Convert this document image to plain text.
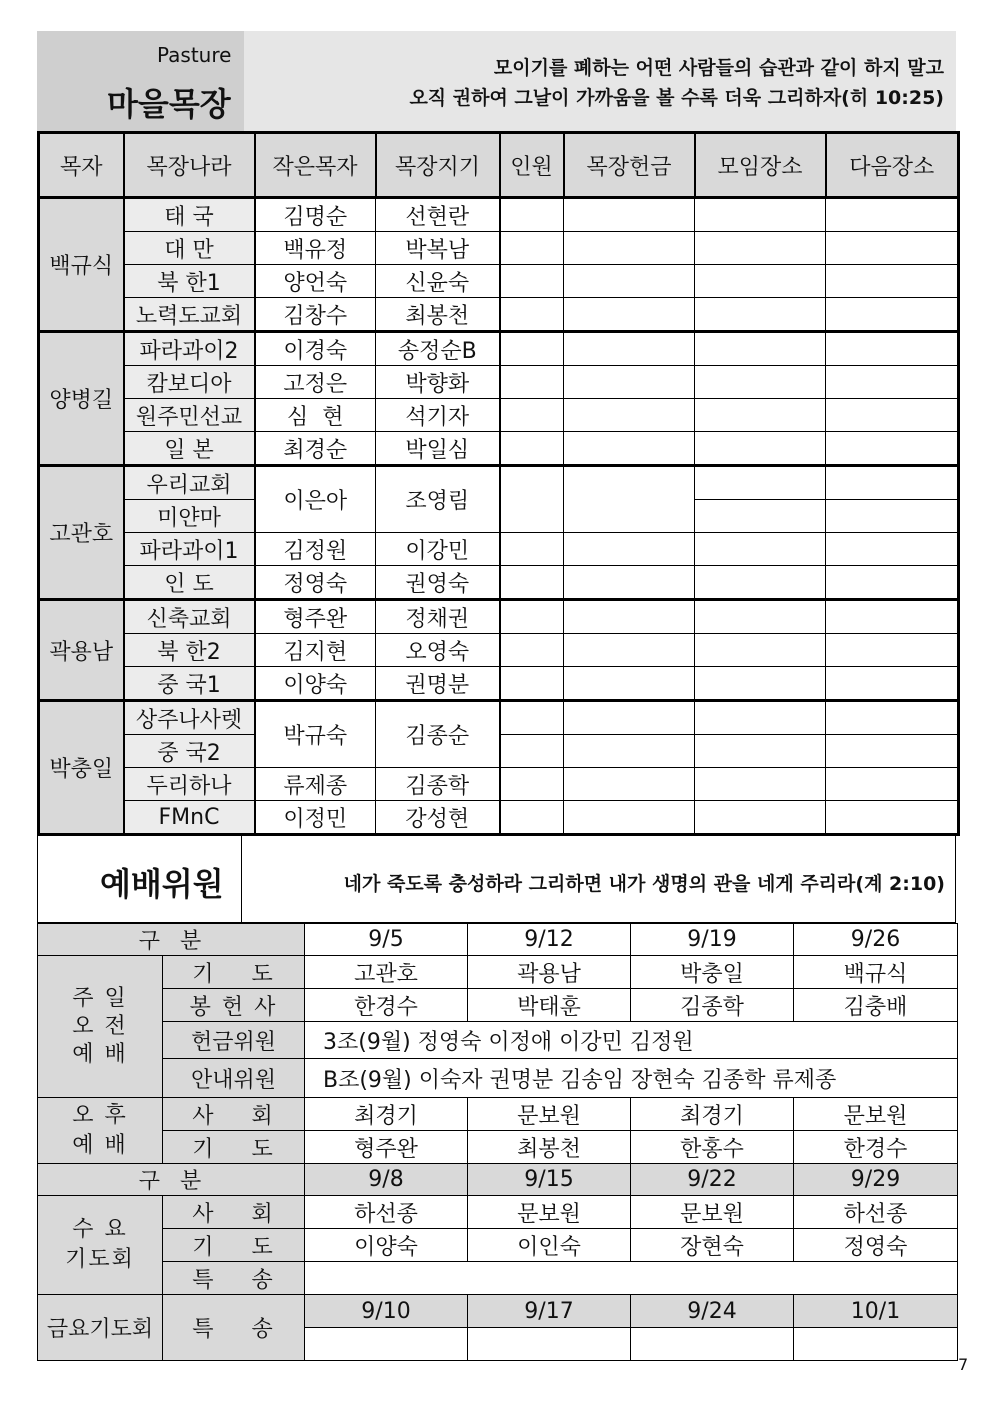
Pasture
마을목장
모이기를 폐하는 어떤 사람들의 습관과 같이 하지 말고
오직 권하여 그날이 가까움을 볼 수록 더욱 그리하자(히 10:25)
목자	목장나라	작은목자	목장지기	인원	목장헌금	모임장소	다음장소
백규식	태 국	김명순	선현란				
	대 만	백유정	박복남				
	북 한1	양언숙	신윤숙				
	노력도교회	김창수	최봉천				
양병길	파라과이2	이경숙	송정순B				
	캄보디아	고정은	박향화				
	원주민선교	심  현	석기자				
	일 본	최경순	박일심				
고관호	우리교회	이은아	조영림				
	미얀마						
	파라과이1	김정원	이강민				
	인 도	정영숙	권영숙				
곽용남	신축교회	형주완	정채권				
	북 한2	김지현	오영숙				
	중 국1	이양숙	권명분				
박충일	상주나사렛	박규숙	김종순				
	중 국2						
	두리하나	류제종	김종학				
	FMnC	이정민	강성현				
예배위원	네가 죽도록 충성하라 그리하면 내가 생명의 관을 네게 주리라(계 2:10)
구  분		9/5	9/12	9/19	9/26
주 일
오 전
예 배	기    도	고관호	곽용남	박충일	백규식
	봉 헌 사	한경수	박태훈	김종학	김충배
	헌금위원	3조(9월) 정영숙 이정애 이강민 김정원			
	안내위원	B조(9월) 이숙자 권명분 김송임 장현숙 김종학 류제종			
오 후
예 배	사    회	최경기	문보원	최경기	문보원
	기    도	형주완	최봉천	한홍수	한경수
구  분		9/8	9/15	9/22	9/29
수 요
기도회	사    회	하선종	문보원	문보원	하선종
	기    도	이양숙	이인숙	장현숙	정영숙
	특    송				
금요기도회	특    송	9/10	9/17	9/24	10/1

7
